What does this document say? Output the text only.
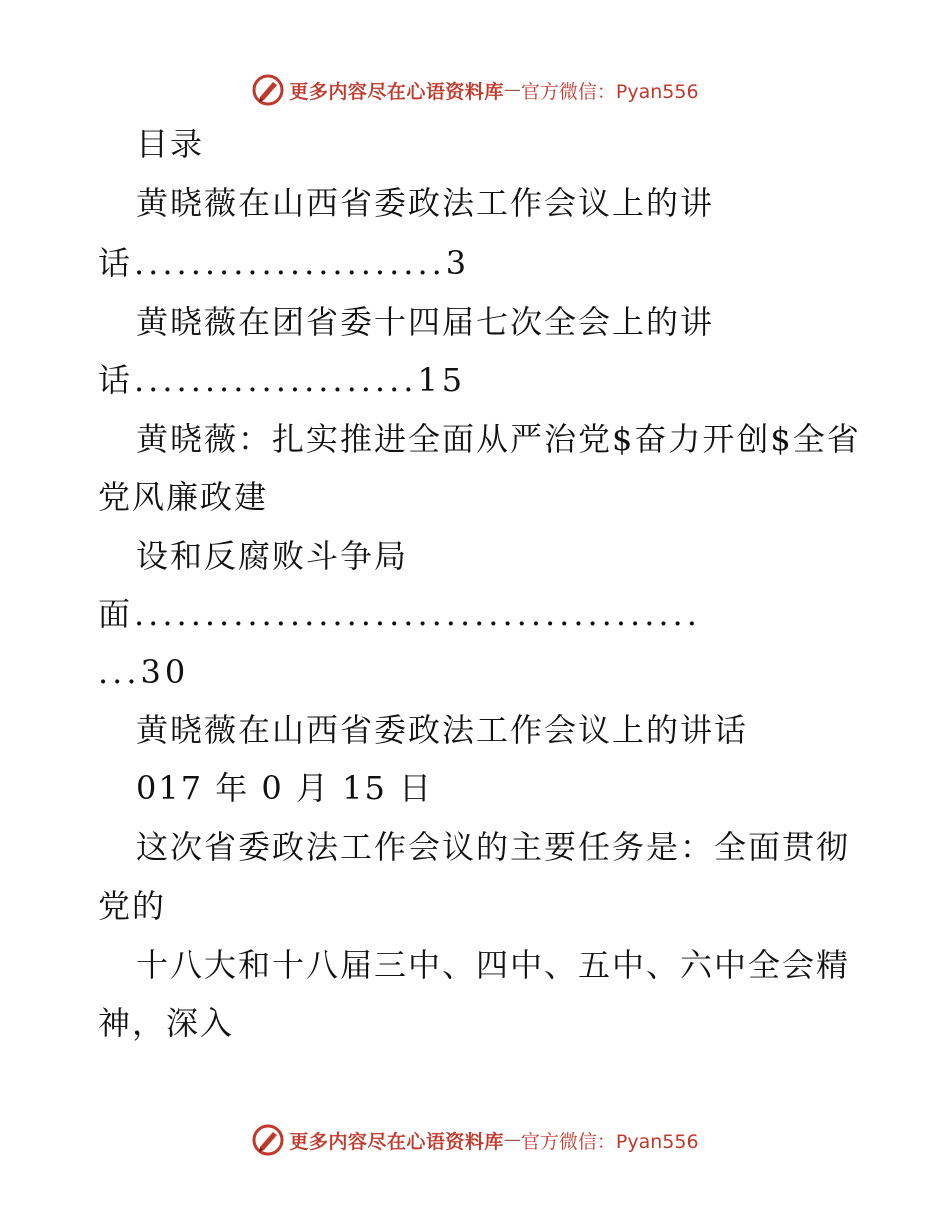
更多内容尽在心语资料库 — 官方微信：Pyan556
目录
黄晓薇在山西省委政法工作会议上的讲
话......................3
黄晓薇在团省委十四届七次全会上的讲
话....................15
黄晓薇：扎实推进全面从严治党$奋力开创$全省
党风廉政建
设和反腐败斗争局
面........................................
...30
黄晓薇在山西省委政法工作会议上的讲话
017 年 0 月 15 日
这次省委政法工作会议的主要任务是：全面贯彻
党的
十八大和十八届三中、四中、五中、六中全会精
神，深入
更多内容尽在心语资料库 — 官方微信：Pyan556
